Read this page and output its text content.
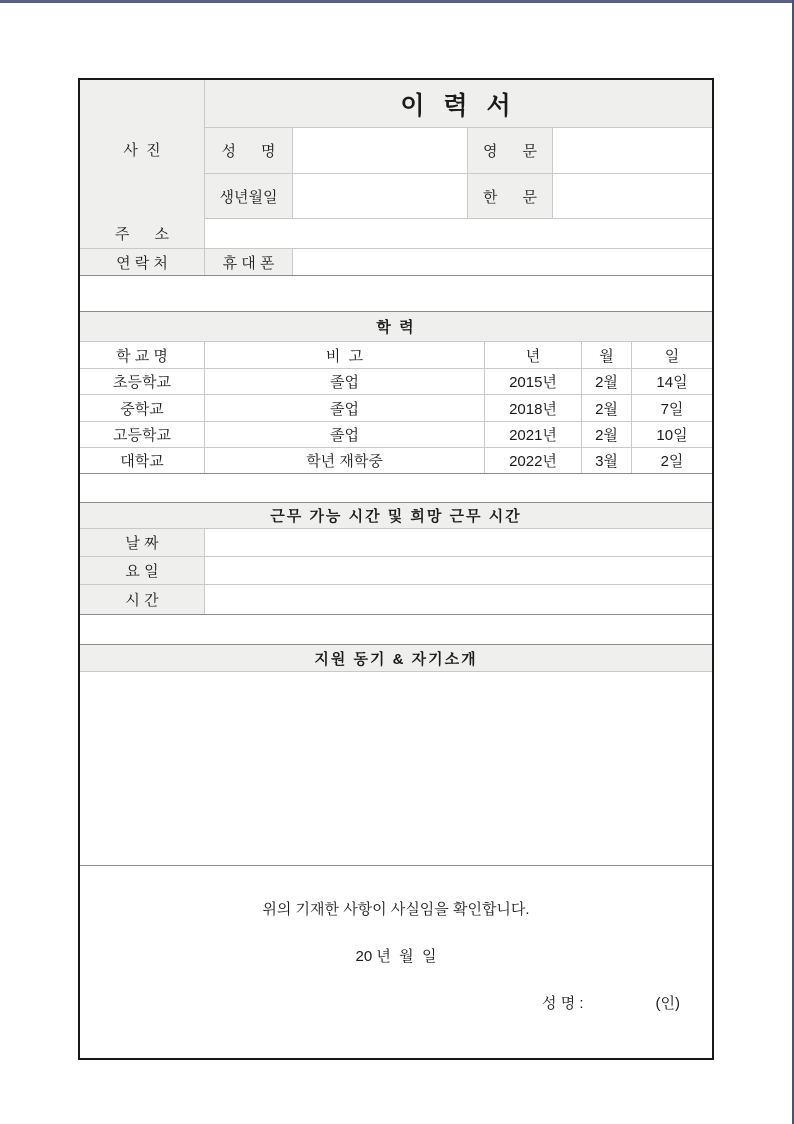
사  진
이 력 서
성      명	영      문
생년월일	한      문
주      소
연 락 처	휴 대 폰
학 력
학 교 명	비  고	년	월	일
초등학교	졸업	2015년	2월	14일
중학교	졸업	2018년	2월	7일
고등학교	졸업	2021년	2월	10일
대학교	학년 재학중	2022년	3월	2일
근무 가능 시간 및 희망 근무 시간
날 짜
요 일
시 간
지원 동기 & 자기소개
위의 기재한 사항이 사실임을 확인합니다.
20 년  월  일
성 명 :	(인)
